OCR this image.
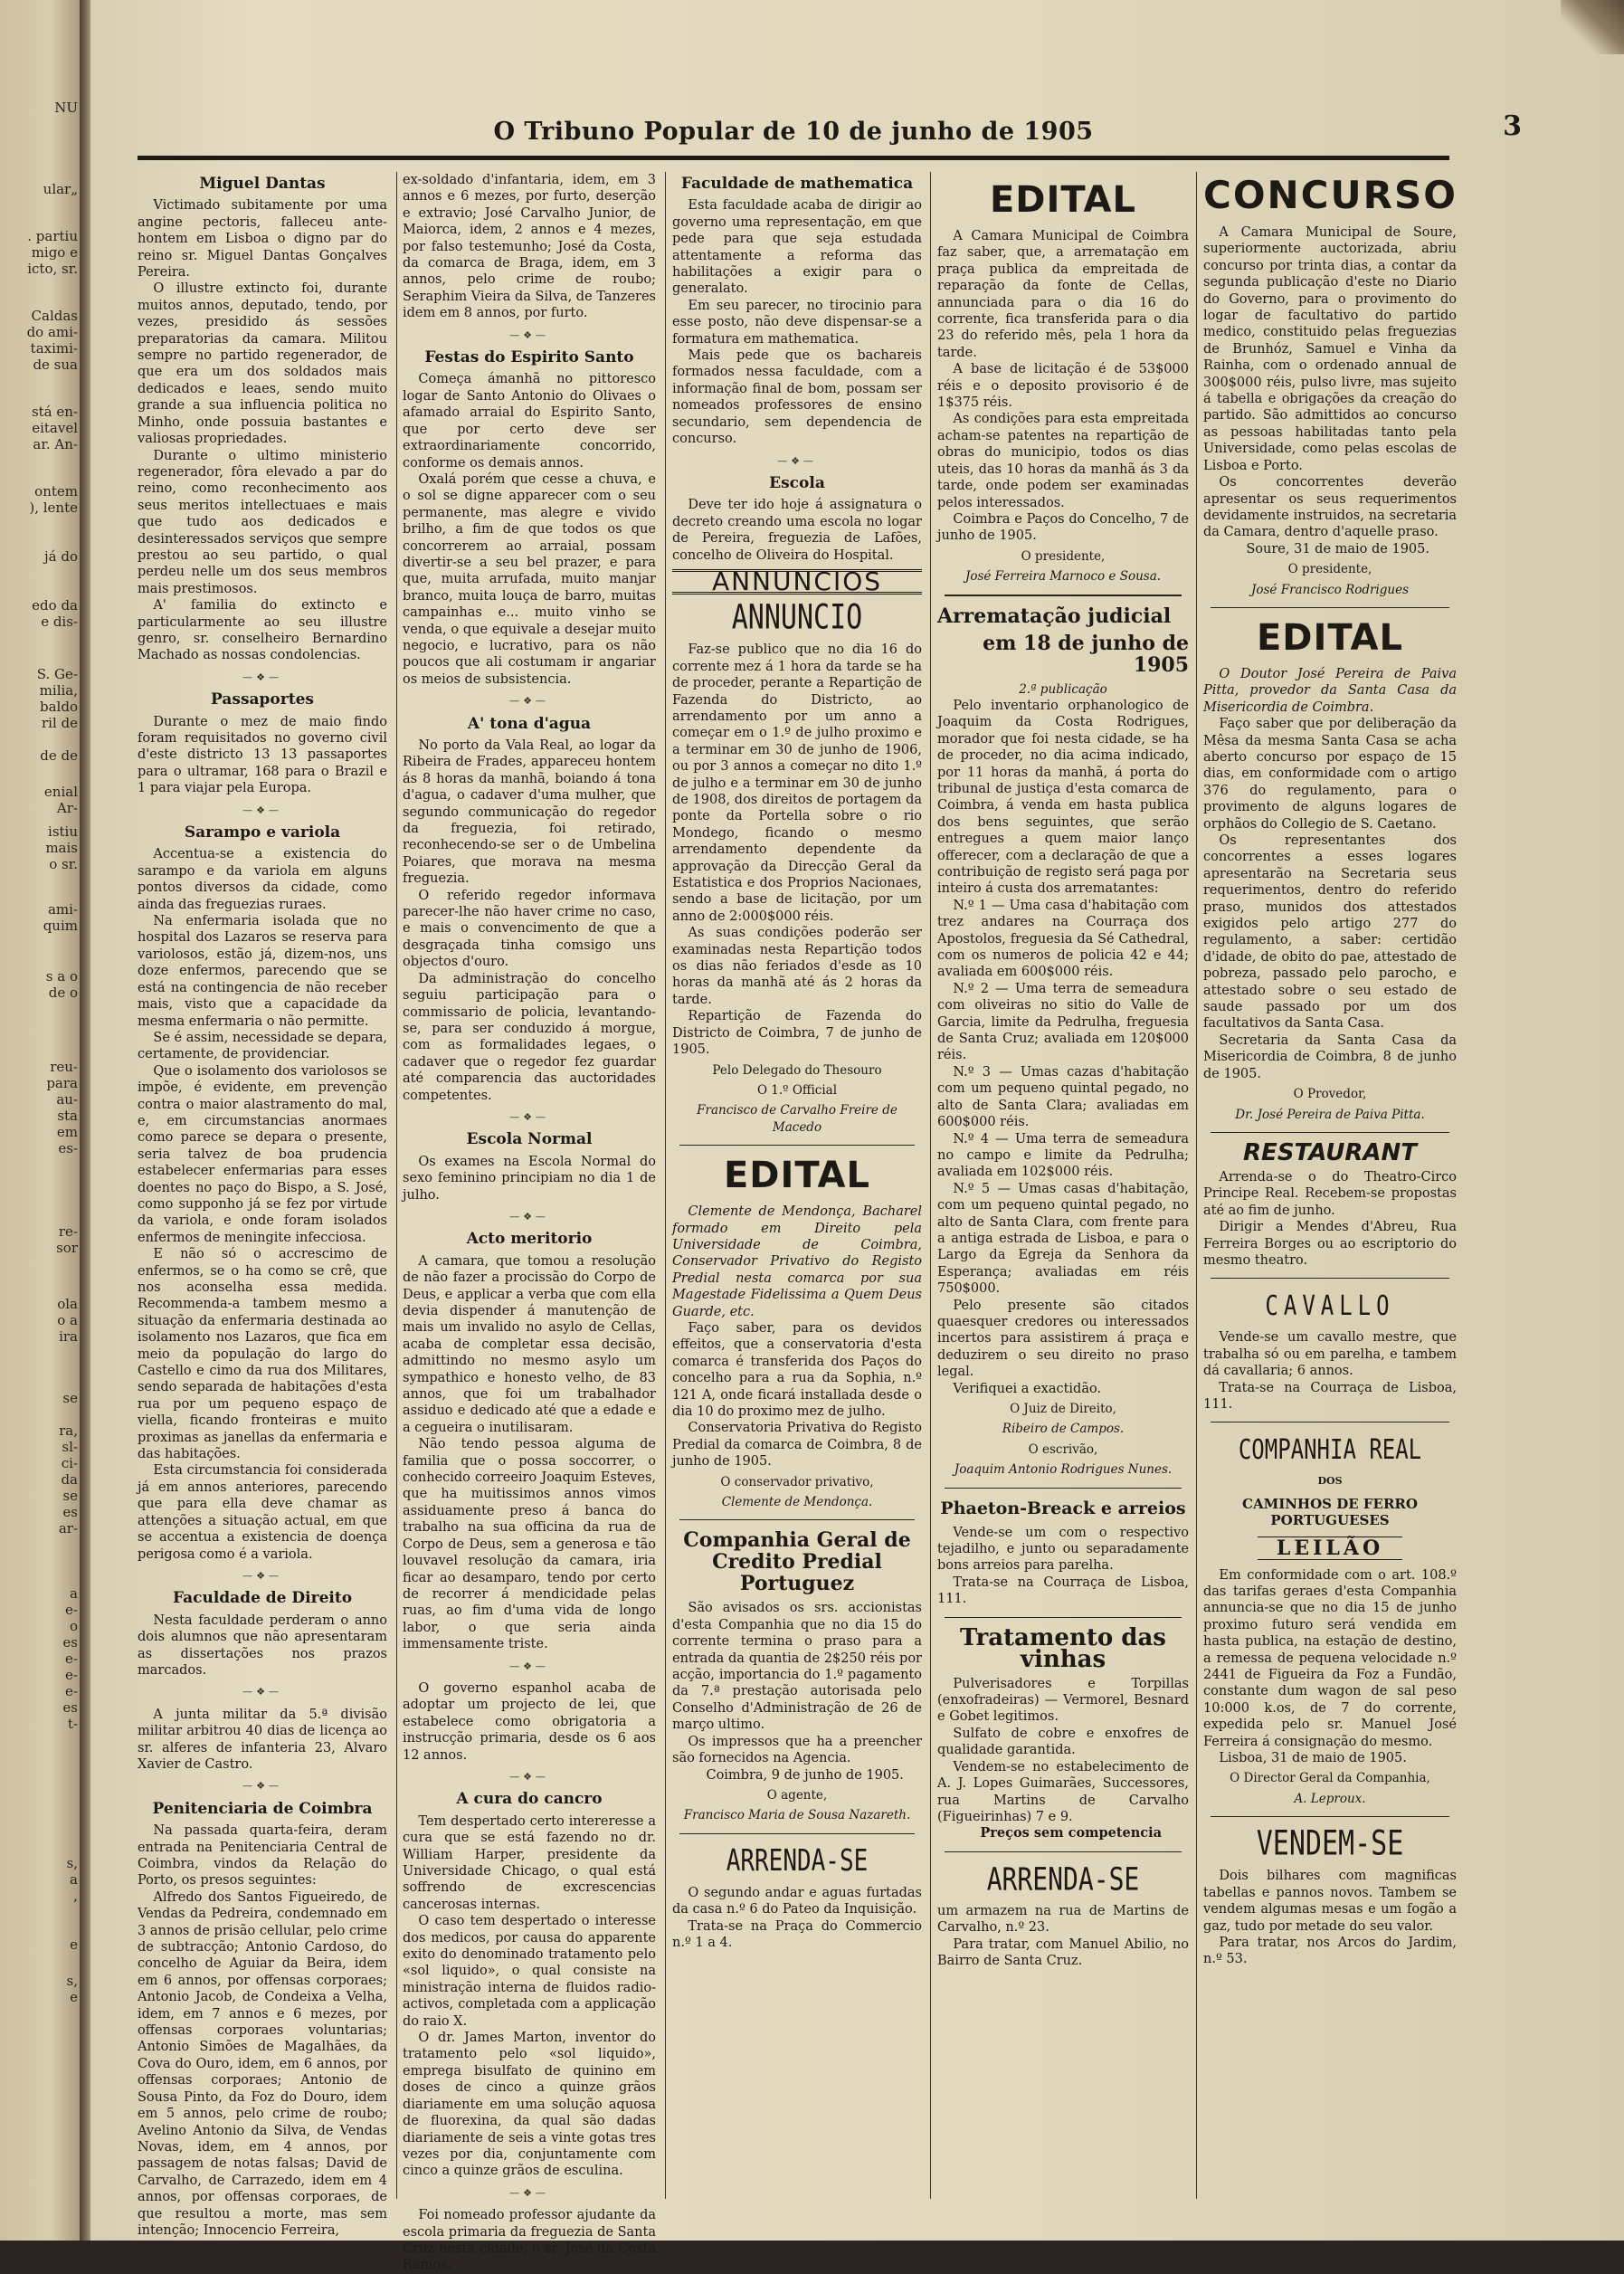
NU
ular„
. partiu
migo e
icto, sr.
Caldas
do ami-
taximi-
de sua
stá en-
eitavel
ar. An-
ontem
), lente
já do
edo da
e dis-
S. Ge-
milia,
baldo
ril de
de de
enial
Ar-
istiu
mais
o sr.
ami-
quim
s a o
de o
reu-
para
au-
sta
em
es-
re-
sor
ola
o a
ira
se
ra,
sl-
ci-
da
se
es
ar-
a
e-
o
es
e-
e-
e-
es
t-
s,
a
,
e
s,
e
O Tribuno Popular de 10 de junho de 1905	3
Miguel Dantas

Victimado subitamente por uma angine pectoris, falleceu ante-hontem em Lisboa o digno par do reino sr. Miguel Dantas Gonçalves Pereira.

O illustre extincto foi, durante muitos annos, deputado, tendo, por vezes, presidido ás sessões preparatorias da camara. Militou sempre no partido regenerador, de que era um dos soldados mais dedicados e leaes, sendo muito grande a sua influencia politica no Minho, onde possuia bastantes e valiosas propriedades.

Durante o ultimo ministerio regenerador, fôra elevado a par do reino, como reconhecimento aos seus meritos intellectuaes e mais que tudo aos dedicados e desinteressados serviços que sempre prestou ao seu partido, o qual perdeu nelle um dos seus membros mais prestimosos.

A' familia do extincto e particularmente ao seu illustre genro, sr. conselheiro Bernardino Machado as nossas condolencias.

—❖—
Passaportes

Durante o mez de maio findo foram requisitados no governo civil d'este districto 13 13 passaportes para o ultramar, 168 para o Brazil e 1 para viajar pela Europa.

—❖—
Sarampo e variola

Accentua-se a existencia do sarampo e da variola em alguns pontos diversos da cidade, como ainda das freguezias ruraes.

Na enfermaria isolada que no hospital dos Lazaros se reserva para variolosos, estão já, dizem-nos, uns doze enfermos, parecendo que se está na contingencia de não receber mais, visto que a capacidade da mesma enfermaria o não permitte.

Se é assim, necessidade se depara, certamente, de providenciar.

Que o isolamento dos variolosos se impõe, é evidente, em prevenção contra o maior alastramento do mal, e, em circumstancias anormaes como parece se depara o presente, seria talvez de boa prudencia estabelecer enfermarias para esses doentes no paço do Bispo, a S. José, como supponho já se fez por virtude da variola, e onde foram isolados enfermos de meningite infecciosa.

E não só o accrescimo de enfermos, se o ha como se crê, que nos aconselha essa medida. Recommenda-a tambem mesmo a situação da enfermaria destinada ao isolamento nos Lazaros, que fica em meio da população do largo do Castello e cimo da rua dos Militares, sendo separada de habitações d'esta rua por um pequeno espaço de viella, ficando fronteiras e muito proximas as janellas da enfermaria e das habitações.

Esta circumstancia foi considerada já em annos anteriores, parecendo que para ella deve chamar as attenções a situação actual, em que se accentua a existencia de doença perigosa como é a variola.

—❖—
Faculdade de Direito

Nesta faculdade perderam o anno dois alumnos que não apresentaram as dissertações nos prazos marcados.

—❖—

A junta militar da 5.ª divisão militar arbitrou 40 dias de licença ao sr. alferes de infanteria 23, Alvaro Xavier de Castro.

—❖—
Penitenciaria de Coimbra

Na passada quarta-feira, deram entrada na Penitenciaria Central de Coimbra, vindos da Relação do Porto, os presos seguintes:

Alfredo dos Santos Figueiredo, de Vendas da Pedreira, condemnado em 3 annos de prisão cellular, pelo crime de subtracção; Antonio Cardoso, do concelho de Aguiar da Beira, idem em 6 annos, por offensas corporaes; Antonio Jacob, de Condeixa a Velha, idem, em 7 annos e 6 mezes, por offensas corporaes voluntarias; Antonio Simões de Magalhães, da Cova do Ouro, idem, em 6 annos, por offensas corporaes; Antonio de Sousa Pinto, da Foz do Douro, idem em 5 annos, pelo crime de roubo; Avelino Antonio da Silva, de Vendas Novas, idem, em 4 annos, por passagem de notas falsas; David de Carvalho, de Carrazedo, idem em 4 annos, por offensas corporaes, de que resultou a morte, mas sem intenção; Innocencio Ferreira,

ex-soldado d'infantaria, idem, em 3 annos e 6 mezes, por furto, deserção e extravio; José Carvalho Junior, de Maiorca, idem, 2 annos e 4 mezes, por falso testemunho; José da Costa, da comarca de Braga, idem, em 3 annos, pelo crime de roubo; Seraphim Vieira da Silva, de Tanzeres idem em 8 annos, por furto.

—❖—
Festas do Espirito Santo

Começa ámanhã no pittoresco logar de Santo Antonio do Olivaes o afamado arraial do Espirito Santo, que por certo deve ser extraordinariamente concorrido, conforme os demais annos.

Oxalá porém que cesse a chuva, e o sol se digne apparecer com o seu permanente, mas alegre e vivido brilho, a fim de que todos os que concorrerem ao arraial, possam divertir-se a seu bel prazer, e para que, muita arrufada, muito manjar branco, muita louça de barro, muitas campainhas e... muito vinho se venda, o que equivale a desejar muito negocio, e lucrativo, para os não poucos que ali costumam ir angariar os meios de subsistencia.

—❖—
A' tona d'agua

No porto da Vala Real, ao logar da Ribeira de Frades, appareceu hontem ás 8 horas da manhã, boiando á tona d'agua, o cadaver d'uma mulher, que segundo communicação do regedor da freguezia, foi retirado, reconhecendo-se ser o de Umbelina Poiares, que morava na mesma freguezia.

O referido regedor informava parecer-lhe não haver crime no caso, e mais o convencimento de que a desgraçada tinha comsigo uns objectos d'ouro.

Da administração do concelho seguiu participação para o commissario de policia, levantando-se, para ser conduzido á morgue, com as formalidades legaes, o cadaver que o regedor fez guardar até comparencia das auctoridades competentes.

—❖—
Escola Normal

Os exames na Escola Normal do sexo feminino principiam no dia 1 de julho.

—❖—
Acto meritorio

A camara, que tomou a resolução de não fazer a procissão do Corpo de Deus, e applicar a verba que com ella devia dispender á manutenção de mais um invalido no asylo de Cellas, acaba de completar essa decisão, admittindo no mesmo asylo um sympathico e honesto velho, de 83 annos, que foi um trabalhador assiduo e dedicado até que a edade e a cegueira o inutilisaram.

Não tendo pessoa alguma de familia que o possa soccorrer, o conhecido correeiro Joaquim Esteves, que ha muitissimos annos vimos assiduamente preso á banca do trabalho na sua officina da rua de Corpo de Deus, sem a generosa e tão louvavel resolução da camara, iria ficar ao desamparo, tendo por certo de recorrer á mendicidade pelas ruas, ao fim d'uma vida de longo labor, o que seria ainda immensamente triste.

—❖—

O governo espanhol acaba de adoptar um projecto de lei, que estabelece como obrigatoria a instrucção primaria, desde os 6 aos 12 annos.

—❖—
A cura do cancro

Tem despertado certo intereresse a cura que se está fazendo no dr. William Harper, presidente da Universidade Chicago, o qual está soffrendo de excrescencias cancerosas internas.

O caso tem despertado o interesse dos medicos, por causa do apparente exito do denominado tratamento pelo «sol liquido», o qual consiste na ministração interna de fluidos radio-activos, completada com a applicação do raio X.

O dr. James Marton, inventor do tratamento pelo «sol liquido», emprega bisulfato de quinino em doses de cinco a quinze grãos diariamente em uma solução aquosa de fluorexina, da qual são dadas diariamente de seis a vinte gotas tres vezes por dia, conjuntamente com cinco a quinze grãos de esculina.

—❖—

Foi nomeado professor ajudante da escola primaria da freguezia de Santa Cruz nesta cidade, o sr. José da Costa Ramos.

Faculdade de mathematica

Esta faculdade acaba de dirigir ao governo uma representação, em que pede para que seja estudada attentamente a reforma das habilitações a exigir para o generalato.

Em seu parecer, no tirocinio para esse posto, não deve dispensar-se a formatura em mathematica.

Mais pede que os bachareis formados nessa faculdade, com a informação final de bom, possam ser nomeados professores de ensino secundario, sem dependencia de concurso.

—❖—
Escola

Deve ter ido hoje á assignatura o decreto creando uma escola no logar de Pereira, freguezia de Lafões, concelho de Oliveira do Hospital.

ANNUNCIOS
ANNUNCIO

Faz-se publico que no dia 16 do corrente mez á 1 hora da tarde se ha de proceder, perante a Repartição de Fazenda do Districto, ao arrendamento por um anno a começar em o 1.º de julho proximo e a terminar em 30 de junho de 1906, ou por 3 annos a começar no dito 1.º de julho e a terminar em 30 de junho de 1908, dos direitos de portagem da ponte da Portella sobre o rio Mondego, ficando o mesmo arrendamento dependente da approvação da Direcção Geral da Estatistica e dos Proprios Nacionaes, sendo a base de licitação, por um anno de 2:000$000 réis.

As suas condições poderão ser examinadas nesta Repartição todos os dias não feriados d'esde as 10 horas da manhã até ás 2 horas da tarde.

Repartição de Fazenda do Districto de Coimbra, 7 de junho de 1905.

Pelo Delegado do Thesouro
O 1.º Official
Francisco de Carvalho Freire de Macedo
EDITAL

Clemente de Mendonça, Bacharel formado em Direito pela Universidade de Coimbra, Conservador Privativo do Registo Predial nesta comarca por sua Magestade Fidelissima a Quem Deus Guarde, etc.

Faço saber, para os devidos effeitos, que a conservatoria d'esta comarca é transferida dos Paços do concelho para a rua da Sophia, n.º 121 A, onde ficará installada desde o dia 10 do proximo mez de julho.

Conservatoria Privativa do Registo Predial da comarca de Coimbra, 8 de junho de 1905.

O conservador privativo,
Clemente de Mendonça.
Companhia Geral de Credito Predial Portuguez

São avisados os srs. accionistas d'esta Companhia que no dia 15 do corrente termina o praso para a entrada da quantia de 2$250 réis por acção, importancia do 1.º pagamento da 7.ª prestação autorisada pelo Conselho d'Administração de 26 de março ultimo.

Os impressos que ha a preencher são fornecidos na Agencia.

Coimbra, 9 de junho de 1905.

O agente,
Francisco Maria de Sousa Nazareth.
ARRENDA-SE

O segundo andar e aguas furtadas da casa n.º 6 do Pateo da Inquisição.

Trata-se na Praça do Commercio n.º 1 a 4.

EDITAL

A Camara Municipal de Coimbra faz saber, que, a arrematação em praça publica da empreitada de reparação da fonte de Cellas, annunciada para o dia 16 do corrente, fica transferida para o dia 23 do referido mês, pela 1 hora da tarde.

A base de licitação é de 53$000 réis e o deposito provisorio é de 1$375 réis.

As condições para esta empreitada acham-se patentes na repartição de obras do municipio, todos os dias uteis, das 10 horas da manhã ás 3 da tarde, onde podem ser examinadas pelos interessados.

Coimbra e Paços do Concelho, 7 de junho de 1905.

O presidente,
José Ferreira Marnoco e Sousa.
Arrematação judicial
em 18 de junho de 1905
2.ª publicação

Pelo inventario orphanologico de Joaquim da Costa Rodrigues, morador que foi nesta cidade, se ha de proceder, no dia acima indicado, por 11 horas da manhã, á porta do tribunal de justiça d'esta comarca de Coimbra, á venda em hasta publica dos bens seguintes, que serão entregues a quem maior lanço offerecer, com a declaração de que a contribuição de registo será paga por inteiro á custa dos arrematantes:

N.º 1 — Uma casa d'habitação com trez andares na Courraça dos Apostolos, freguesia da Sé Cathedral, com os numeros de policia 42 e 44; avaliada em 600$000 réis.

N.º 2 — Uma terra de semeadura com oliveiras no sitio do Valle de Garcia, limite da Pedrulha, freguesia de Santa Cruz; avaliada em 120$000 réis.

N.º 3 — Umas cazas d'habitação com um pequeno quintal pegado, no alto de Santa Clara; avaliadas em 600$000 réis.

N.º 4 — Uma terra de semeadura no campo e limite da Pedrulha; avaliada em 102$000 réis.

N.º 5 — Umas casas d'habitação, com um pequeno quintal pegado, no alto de Santa Clara, com frente para a antiga estrada de Lisboa, e para o Largo da Egreja da Senhora da Esperança; avaliadas em réis 750$000.

Pelo presente são citados quaesquer credores ou interessados incertos para assistirem á praça e deduzirem o seu direito no praso legal.

Verifiquei a exactidão.

O Juiz de Direito,
Ribeiro de Campos.
O escrivão,
Joaquim Antonio Rodrigues Nunes.
Phaeton-Breack e arreios

Vende-se um com o respectivo tejadilho, e junto ou separadamente bons arreios para parelha.

Trata-se na Courraça de Lisboa, 111.

Tratamento das vinhas

Pulverisadores e Torpillas (enxofradeiras) — Vermorel, Besnard e Gobet legitimos.

Sulfato de cobre e enxofres de qualidade garantida.

Vendem-se no estabelecimento de A. J. Lopes Guimarães, Successores, rua Martins de Carvalho (Figueirinhas) 7 e 9.

Preços sem competencia

ARRENDA-SE

um armazem na rua de Martins de Carvalho, n.º 23.

Para tratar, com Manuel Abilio, no Bairro de Santa Cruz.

CONCURSO

A Camara Municipal de Soure, superiormente auctorizada, abriu concurso por trinta dias, a contar da segunda publicação d'este no Diario do Governo, para o provimento do logar de facultativo do partido medico, constituido pelas freguezias de Brunhóz, Samuel e Vinha da Rainha, com o ordenado annual de 300$000 réis, pulso livre, mas sujeito á tabella e obrigações da creação do partido. São admittidos ao concurso as pessoas habilitadas tanto pela Universidade, como pelas escolas de Lisboa e Porto.

Os concorrentes deverão apresentar os seus requerimentos devidamente instruidos, na secretaria da Camara, dentro d'aquelle praso.

Soure, 31 de maio de 1905.

O presidente,
José Francisco Rodrigues
EDITAL

O Doutor José Pereira de Paiva Pitta, provedor da Santa Casa da Misericordia de Coimbra.

Faço saber que por deliberação da Mêsa da mesma Santa Casa se acha aberto concurso por espaço de 15 dias, em conformidade com o artigo 376 do regulamento, para o provimento de alguns logares de orphãos do Collegio de S. Caetano.

Os representantes dos concorrentes a esses logares apresentarão na Secretaria seus requerimentos, dentro do referido praso, munidos dos attestados exigidos pelo artigo 277 do regulamento, a saber: certidão d'idade, de obito do pae, attestado de pobreza, passado pelo parocho, e attestado sobre o seu estado de saude passado por um dos facultativos da Santa Casa.

Secretaria da Santa Casa da Misericordia de Coimbra, 8 de junho de 1905.

O Provedor,
Dr. José Pereira de Paiva Pitta.
RESTAURANT

Arrenda-se o do Theatro-Circo Principe Real. Recebem-se propostas até ao fim de junho.

Dirigir a Mendes d'Abreu, Rua Ferreira Borges ou ao escriptorio do mesmo theatro.

CAVALLO

Vende-se um cavallo mestre, que trabalha só ou em parelha, e tambem dá cavallaria; 6 annos.

Trata-se na Courraça de Lisboa, 111.

COMPANHIA REAL
DOS
CAMINHOS DE FERRO PORTUGUESES
LEILÃO

Em conformidade com o art. 108.º das tarifas geraes d'esta Companhia annuncia-se que no dia 15 de junho proximo futuro será vendida em hasta publica, na estação de destino, a remessa de pequena velocidade n.º 2441 de Figueira da Foz a Fundão, constante dum wagon de sal peso 10:000 k.os, de 7 do corrente, expedida pelo sr. Manuel José Ferreira á consignação do mesmo.

Lisboa, 31 de maio de 1905.

O Director Geral da Companhia,
A. Leproux.
VENDEM-SE

Dois bilhares com magnificas tabellas e pannos novos. Tambem se vendem algumas mesas e um fogão a gaz, tudo por metade do seu valor.

Para tratar, nos Arcos do Jardim, n.º 53.
